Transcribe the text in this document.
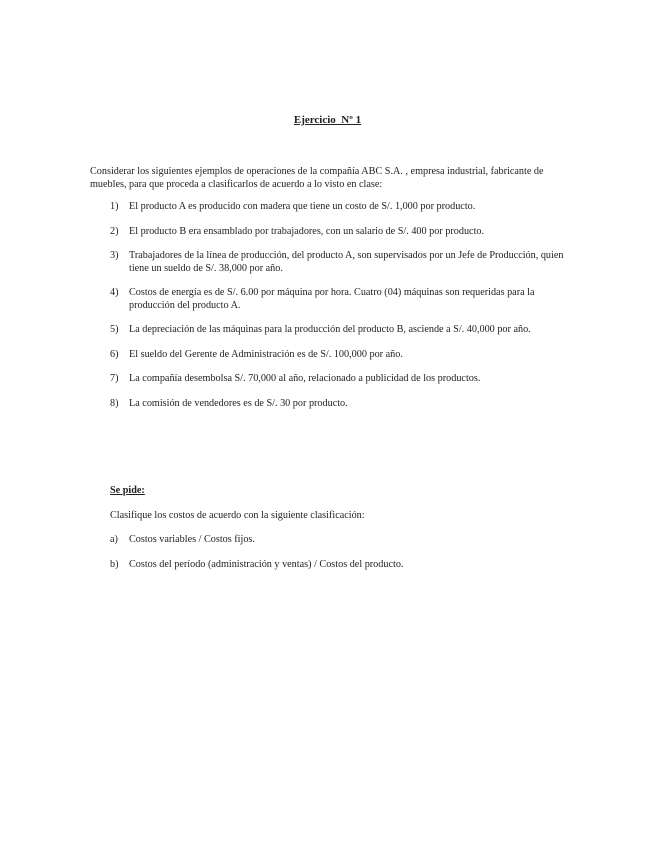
Ejercicio  Nº 1
Considerar los siguientes ejemplos de operaciones de la compañía ABC S.A. , empresa industrial, fabricante de muebles, para que proceda a clasificarlos de acuerdo a lo visto en clase:
1) El producto A es producido con madera que tiene un costo de S/. 1,000 por producto.
2) El producto B era ensamblado por trabajadores, con un salario de S/. 400 por producto.
3) Trabajadores de la línea de producción, del producto A, son supervisados por un Jefe de Producción, quien tiene un sueldo de S/. 38,000 por año.
4) Costos de energía es de S/. 6.00 por máquina por hora. Cuatro (04) máquinas son requeridas para la producción del producto A.
5) La depreciación de las máquinas para la producción del producto B, asciende a S/. 40,000 por año.
6) El sueldo del Gerente de Administración es de S/. 100,000 por año.
7) La compañía desembolsa S/. 70,000 al año, relacionado a publicidad de los productos.
8) La comisión de vendedores es de S/. 30 por producto.
Se pide:
Clasifique los costos de acuerdo con la siguiente clasificación:
a) Costos variables / Costos fijos.
b) Costos del período (administración y ventas) / Costos del producto.
